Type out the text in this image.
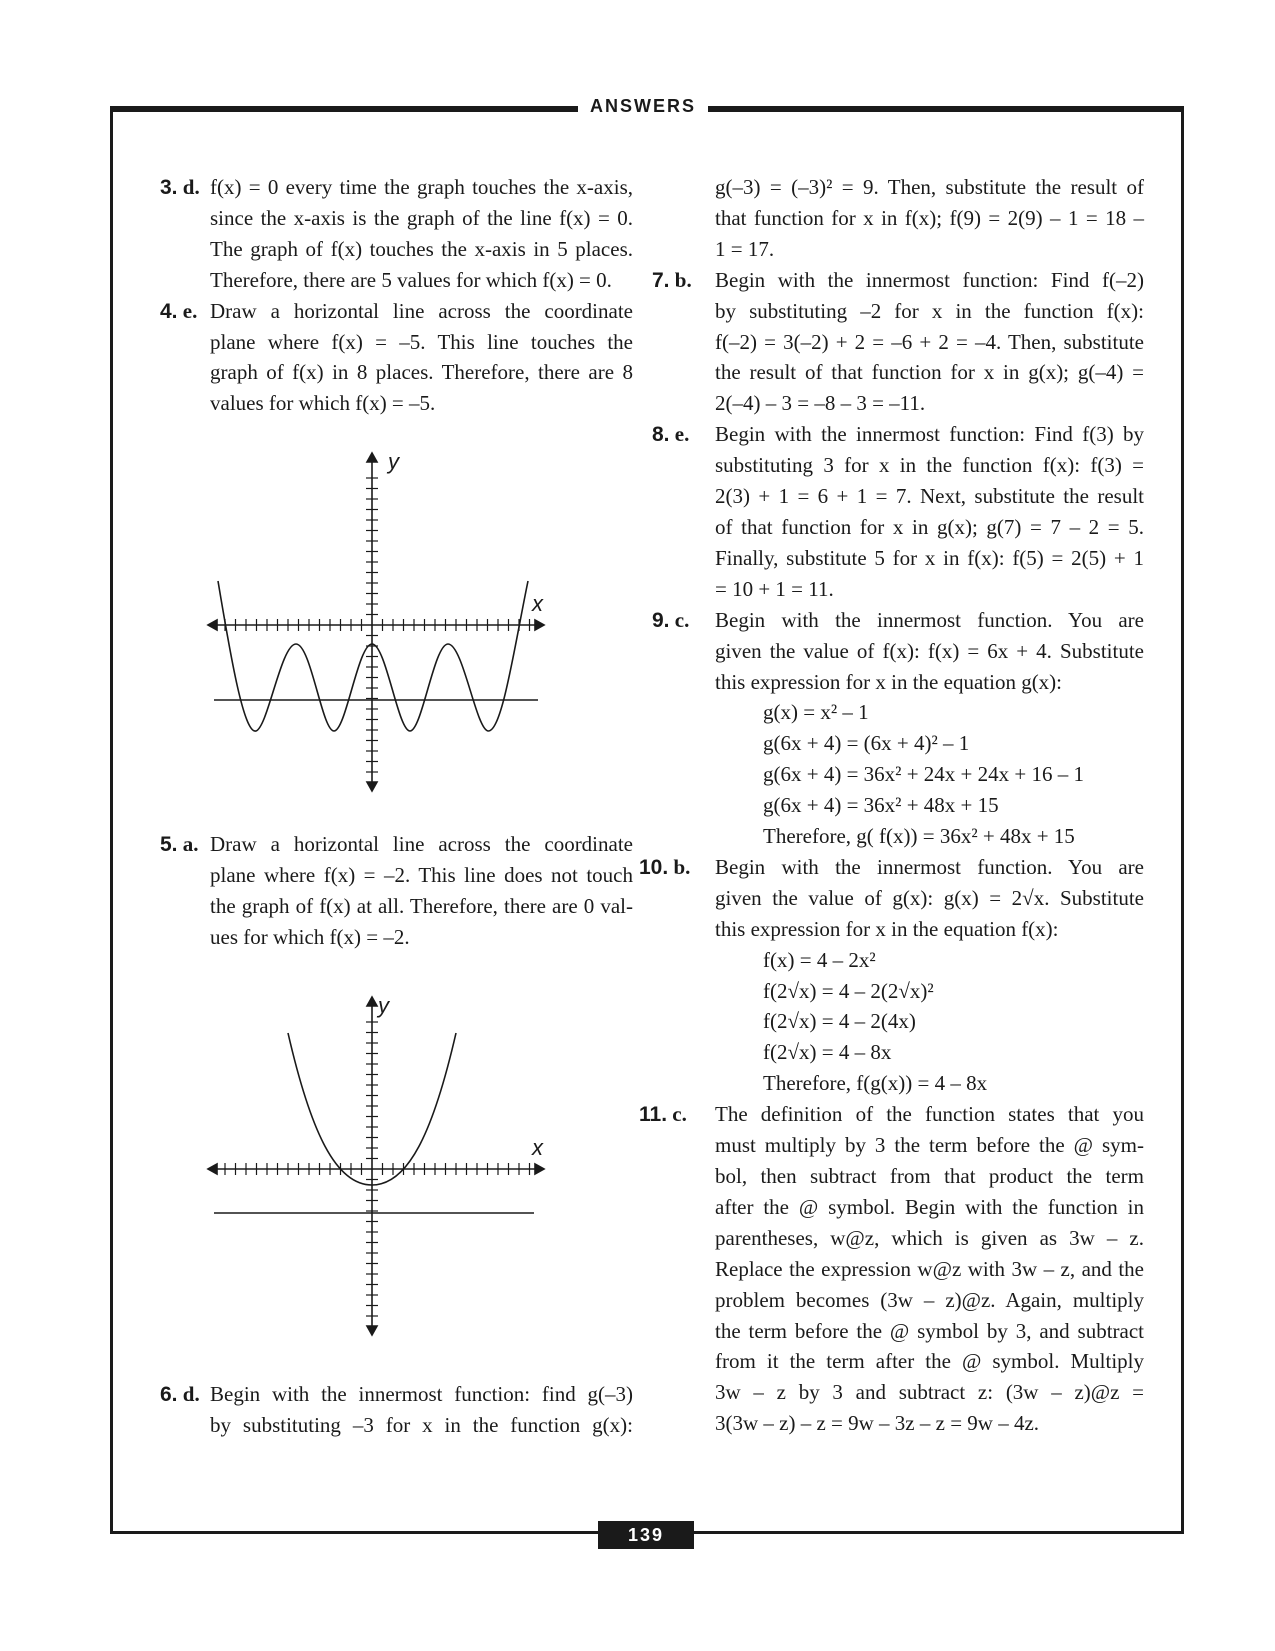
ANSWERS
3. d. f(x) = 0 every time the graph touches the x-axis,
since the x-axis is the graph of the line f(x) = 0.
The graph of f(x) touches the x-axis in 5 places.
Therefore, there are 5 values for which f(x) = 0.
4. e. Draw a horizontal line across the coordinate
plane where f(x) = –5. This line touches the
graph of f(x) in 8 places. Therefore, there are 8
values for which f(x) = –5.
y
x
5. a. Draw a horizontal line across the coordinate
plane where f(x) = –2. This line does not touch
the graph of f(x) at all. Therefore, there are 0 val-
ues for which f(x) = –2.
y
x
6. d. Begin with the innermost function: find g(–3)
by substituting –3 for x in the function g(x):
g(–3) = (–3)² = 9. Then, substitute the result of
that function for x in f(x); f(9) = 2(9) – 1 = 18 –
1 = 17.
7. b. Begin with the innermost function: Find f(–2)
by substituting –2 for x in the function f(x):
f(–2) = 3(–2) + 2 = –6 + 2 = –4. Then, substitute
the result of that function for x in g(x); g(–4) =
2(–4) – 3 = –8 – 3 = –11.
8. e. Begin with the innermost function: Find f(3) by
substituting 3 for x in the function f(x): f(3) =
2(3) + 1 = 6 + 1 = 7. Next, substitute the result
of that function for x in g(x); g(7) = 7 – 2 = 5.
Finally, substitute 5 for x in f(x): f(5) = 2(5) + 1
= 10 + 1 = 11.
9. c. Begin with the innermost function. You are
given the value of f(x): f(x) = 6x + 4. Substitute
this expression for x in the equation g(x):
g(x) = x² – 1
g(6x + 4) = (6x + 4)² – 1
g(6x + 4) = 36x² + 24x + 24x + 16 – 1
g(6x + 4) = 36x² + 48x + 15
Therefore, g( f(x)) = 36x² + 48x + 15
10. b. Begin with the innermost function. You are
given the value of g(x): g(x) = 2√x. Substitute
this expression for x in the equation f(x):
f(x) = 4 – 2x²
f(2√x) = 4 – 2(2√x)²
f(2√x) = 4 – 2(4x)
f(2√x) = 4 – 8x
Therefore, f(g(x)) = 4 – 8x
11. c. The definition of the function states that you
must multiply by 3 the term before the @ sym-
bol, then subtract from that product the term
after the @ symbol. Begin with the function in
parentheses, w@z, which is given as 3w – z.
Replace the expression w@z with 3w – z, and the
problem becomes (3w – z)@z. Again, multiply
the term before the @ symbol by 3, and subtract
from it the term after the @ symbol. Multiply
3w – z by 3 and subtract z: (3w – z)@z =
3(3w – z) – z = 9w – 3z – z = 9w – 4z.
139
